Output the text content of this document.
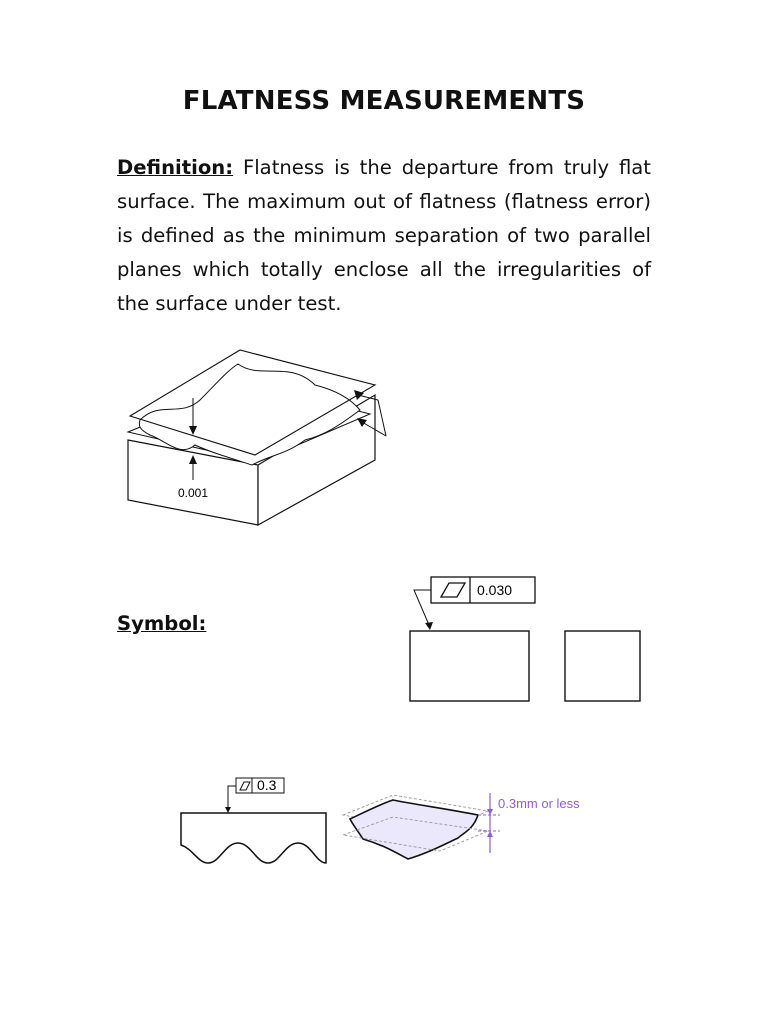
FLATNESS MEASUREMENTS

Definition: Flatness is the departure from truly flat surface. The maximum out of flatness (flatness error) is defined as the minimum separation of two parallel planes which totally enclose all the irregularities of the surface under test.

0.001

Symbol:

0.030
0.3
0.3mm or less
